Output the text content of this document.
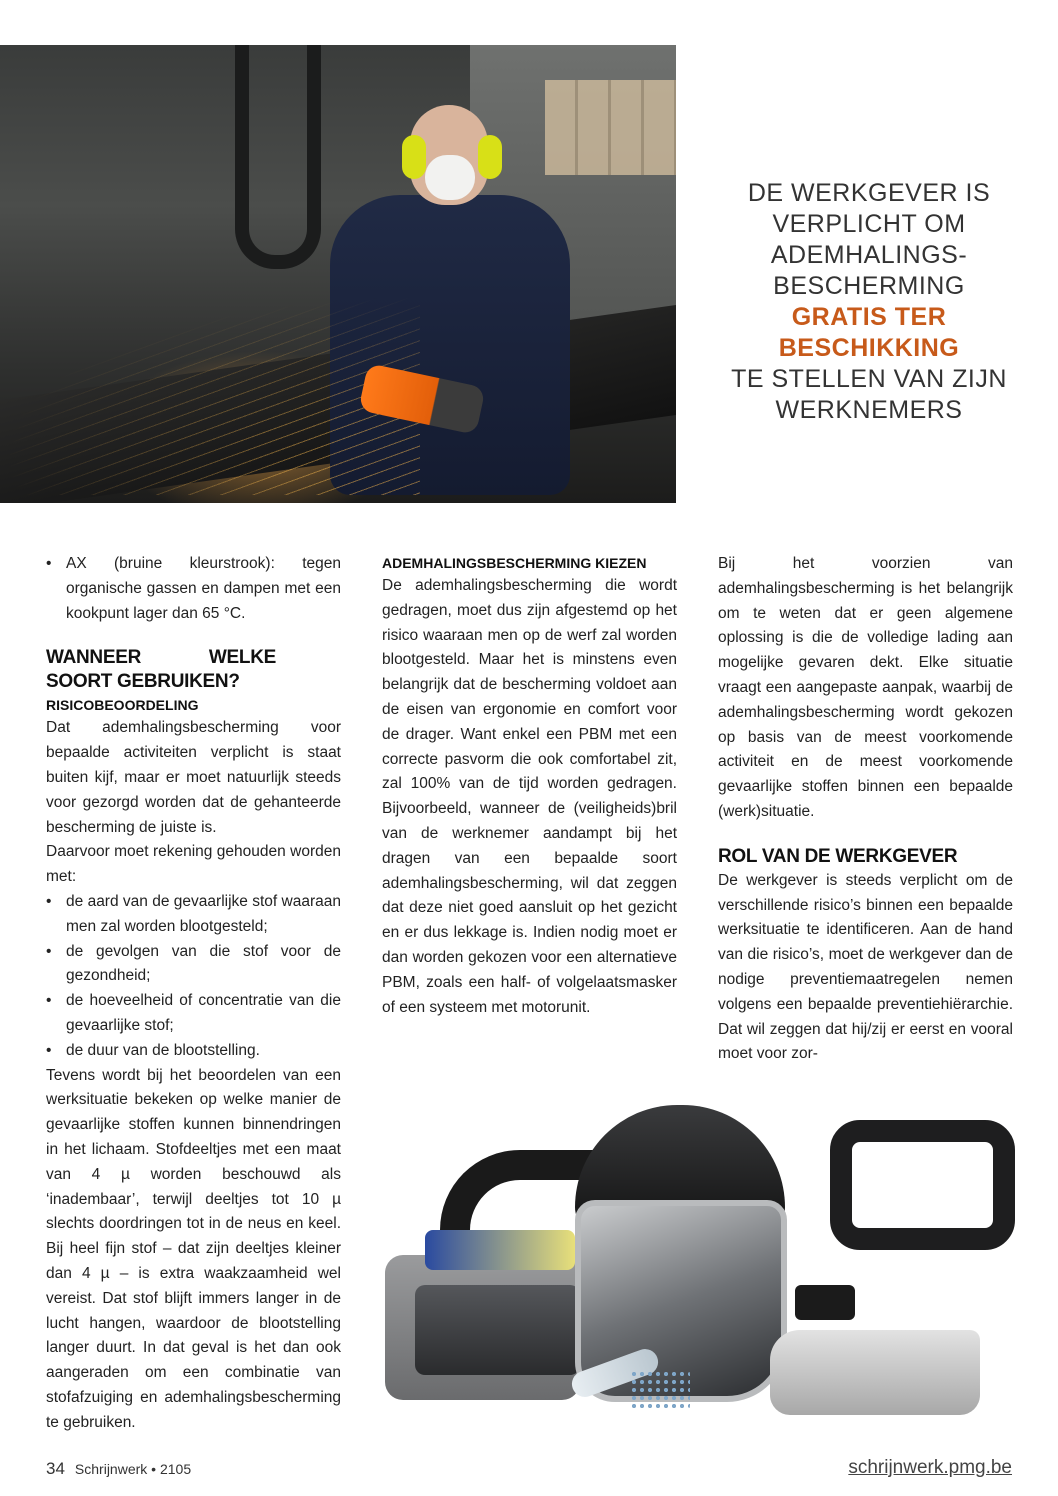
DE WERKGEVER IS
VERPLICHT OM
ADEMHALINGS-
BESCHERMING
GRATIS TER
BESCHIKKING
TE STELLEN VAN ZIJN
WERKNEMERS
• AX (bruine kleurstrook): tegen organische gassen en dampen met een kookpunt lager dan 65 °C.

WANNEER WELKE SOORT GEBRUIKEN?

RISICOBEOORDELING

Dat ademhalingsbescherming voor bepaalde activiteiten verplicht is staat buiten kijf, maar er moet natuurlijk steeds voor gezorgd worden dat de gehanteerde bescherming de juiste is.

Daarvoor moet rekening gehouden worden met:

• de aard van de gevaarlijke stof waaraan men zal worden blootgesteld;
• de gevolgen van die stof voor de gezondheid;
• de hoeveelheid of concentratie van die gevaarlijke stof;
• de duur van de blootstelling.

Tevens wordt bij het beoordelen van een werksituatie bekeken op welke manier de gevaarlijke stoffen kunnen binnendringen in het lichaam. Stofdeeltjes met een maat van 4 µ worden beschouwd als ‘inadembaar’, terwijl deeltjes tot 10 µ slechts doordringen tot in de neus en keel. Bij heel fijn stof – dat zijn deeltjes kleiner dan 4 µ – is extra waakzaamheid wel vereist. Dat stof blijft immers langer in de lucht hangen, waardoor de blootstelling langer duurt. In dat geval is het dan ook aangeraden om een combinatie van stofafzuiging en ademhalingsbescherming te gebruiken.

ADEMHALINGSBESCHERMING KIEZEN

De ademhalingsbescherming die wordt gedragen, moet dus zijn afgestemd op het risico waaraan men op de werf zal worden blootgesteld. Maar het is minstens even belangrijk dat de bescherming voldoet aan de eisen van ergonomie en comfort voor de drager. Want enkel een PBM met een correcte pasvorm die ook comfortabel zit, zal 100% van de tijd worden gedragen. Bijvoorbeeld, wanneer de (veiligheids)bril van de werknemer aandampt bij het dragen van een bepaalde soort ademhalingsbescherming, wil dat zeggen dat deze niet goed aansluit op het gezicht en er dus lekkage is. Indien nodig moet er dan worden gekozen voor een alternatieve PBM, zoals een half- of volgelaatsmasker of een systeem met motorunit.

Bij het voorzien van ademhalingsbescherming is het belangrijk om te weten dat er geen algemene oplossing is die de volledige lading aan mogelijke gevaren dekt. Elke situatie vraagt een aangepaste aanpak, waarbij de ademhalingsbescherming wordt gekozen op basis van de meest voorkomende activiteit en de meest voorkomende gevaarlijke stoffen binnen een bepaalde (werk)situatie.

ROL VAN DE WERKGEVER

De werkgever is steeds verplicht om de verschillende risico’s binnen een bepaalde werksituatie te identificeren. Aan de hand van die risico’s, moet de werkgever dan de nodige preventiemaatregelen nemen volgens een bepaalde preventiehiërarchie. Dat wil zeggen dat hij/zij er eerst en vooral moet voor zor-

34 Schrijnwerk • 2105	schrijnwerk.pmg.be
